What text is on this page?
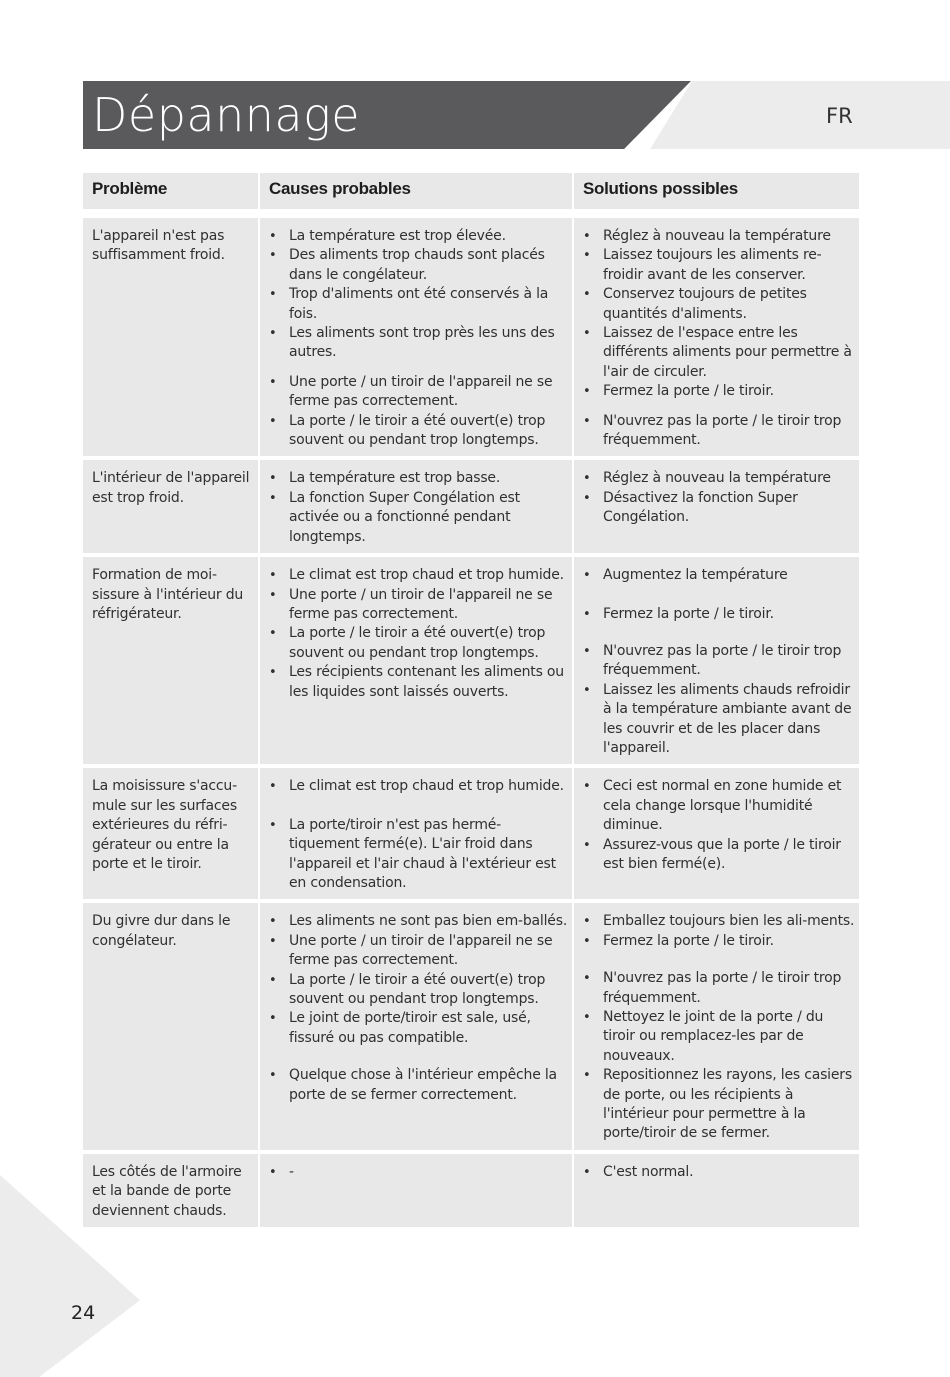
Dépannage	FR
Problème	Causes probables	Solutions possibles
L'appareil n'est pas suffisamment froid.
• La température est trop élevée.
• Des aliments trop chauds sont placés dans le congélateur.
• Trop d'aliments ont été conservés à la fois.
• Les aliments sont trop près les uns des autres.
• Une porte / un tiroir de l'appareil ne se ferme pas correctement.
• La porte / le tiroir a été ouvert(e) trop souvent ou pendant trop longtemps.
• Réglez à nouveau la température
• Laissez toujours les aliments re-froidir avant de les conserver.
• Conservez toujours de petites quantités d'aliments.
• Laissez de l'espace entre les différents aliments pour permettre à l'air de circuler.
• Fermez la porte / le tiroir.
• N'ouvrez pas la porte / le tiroir trop fréquemment.
L'intérieur de l'appareil est trop froid.
• La température est trop basse.
• La fonction Super Congélation est activée ou a fonctionné pendant longtemps.
• Réglez à nouveau la température
• Désactivez la fonction Super Congélation.
Formation de moi-sissure à l'intérieur du réfrigérateur.
• Le climat est trop chaud et trop humide.
• Une porte / un tiroir de l'appareil ne se ferme pas correctement.
• La porte / le tiroir a été ouvert(e) trop souvent ou pendant trop longtemps.
• Les récipients contenant les aliments ou les liquides sont laissés ouverts.
• Augmentez la température
• Fermez la porte / le tiroir.
• N'ouvrez pas la porte / le tiroir trop fréquemment.
• Laissez les aliments chauds refroidir à la température ambiante avant de les couvrir et de les placer dans l'appareil.
La moisissure s'accu-mule sur les surfaces extérieures du réfri-gérateur ou entre la porte et le tiroir.
• Le climat est trop chaud et trop humide.
• La porte/tiroir n'est pas hermé-tiquement fermé(e). L'air froid dans l'appareil et l'air chaud à l'extérieur est en condensation.
• Ceci est normal en zone humide et cela change lorsque l'humidité diminue.
• Assurez-vous que la porte / le tiroir est bien fermé(e).
Du givre dur dans le congélateur.
• Les aliments ne sont pas bien em-ballés.
• Une porte / un tiroir de l'appareil ne se ferme pas correctement.
• La porte / le tiroir a été ouvert(e) trop souvent ou pendant trop longtemps.
• Le joint de porte/tiroir est sale, usé, fissuré ou pas compatible.
• Quelque chose à l'intérieur empêche la porte de se fermer correctement.
• Emballez toujours bien les ali-ments.
• Fermez la porte / le tiroir.
• N'ouvrez pas la porte / le tiroir trop fréquemment.
• Nettoyez le joint de la porte / du tiroir ou remplacez-les par de nouveaux.
• Repositionnez les rayons, les casiers de porte, ou les récipients à l'intérieur pour permettre à la porte/tiroir de se fermer.
Les côtés de l'armoire et la bande de porte deviennent chauds.
• -
•	C'est normal.
24
